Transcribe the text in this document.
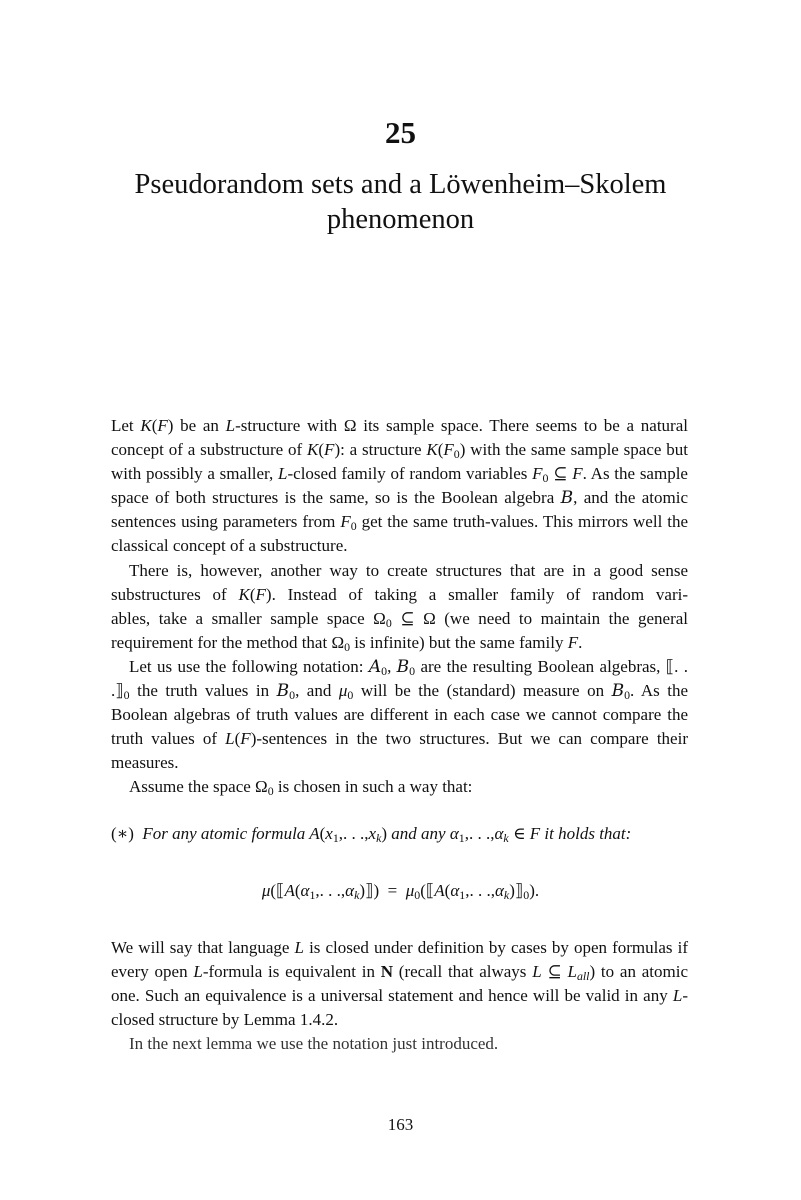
25
Pseudorandom sets and a Löwenheim–Skolem
phenomenon

Let K(F) be an L-structure with Ω its sample space. There seems to be a natural concept of a substructure of K(F): a structure $K(F_0)$ with the same sample space but with possibly a smaller, L-closed family of random variables $F_0$ ⊆ F. As the sample space of both structures is the same, so is the Boolean algebra B, and the atomic sentences using parameters from $F_0$ get the same truth-values. This mirrors well the classical concept of a substructure.

There is, however, another way to create structures that are in a good sense
substructures of K(F). Instead of taking a smaller family of random vari-
ables, take a smaller sample space $\Omega_0$ ⊆ Ω (we need to maintain the general requirement for the method that $\Omega_0$ is infinite) but the same family F.

Let us use the following notation: $A_0$, $B_0$ are the resulting Boolean algebras, ⟦. . $.⟧_0$ the truth values in $B_0$, and $\mu_0$ will be the (standard) measure on $B_0$. As the Boolean algebras of truth values are different in each case we cannot compare the truth values of L(F)-sentences in the two structures. But we can compare their measures.

Assume the space $\Omega_0$ is chosen in such a way that:

(∗)  For any atomic formula $A(x_1$,. . $.,x_k$) and any $\alpha_1$,. . $.,\alpha_k$ ∈ F it holds that:
$\mu(⟦A(\alpha_1$,. . $.,\alpha_k)⟧$)  =  $\mu_0(⟦A(\alpha_1$,. . $.,\alpha_k)⟧_0$).

We will say that language L is closed under definition by cases by open formulas if every open L-formula is equivalent in N (recall that always L ⊆ $L_{all}$) to an atomic one. Such an equivalence is a universal statement and hence will be valid in any L-closed structure by Lemma 1.4.2.

In the next lemma we use the notation just introduced.

163
